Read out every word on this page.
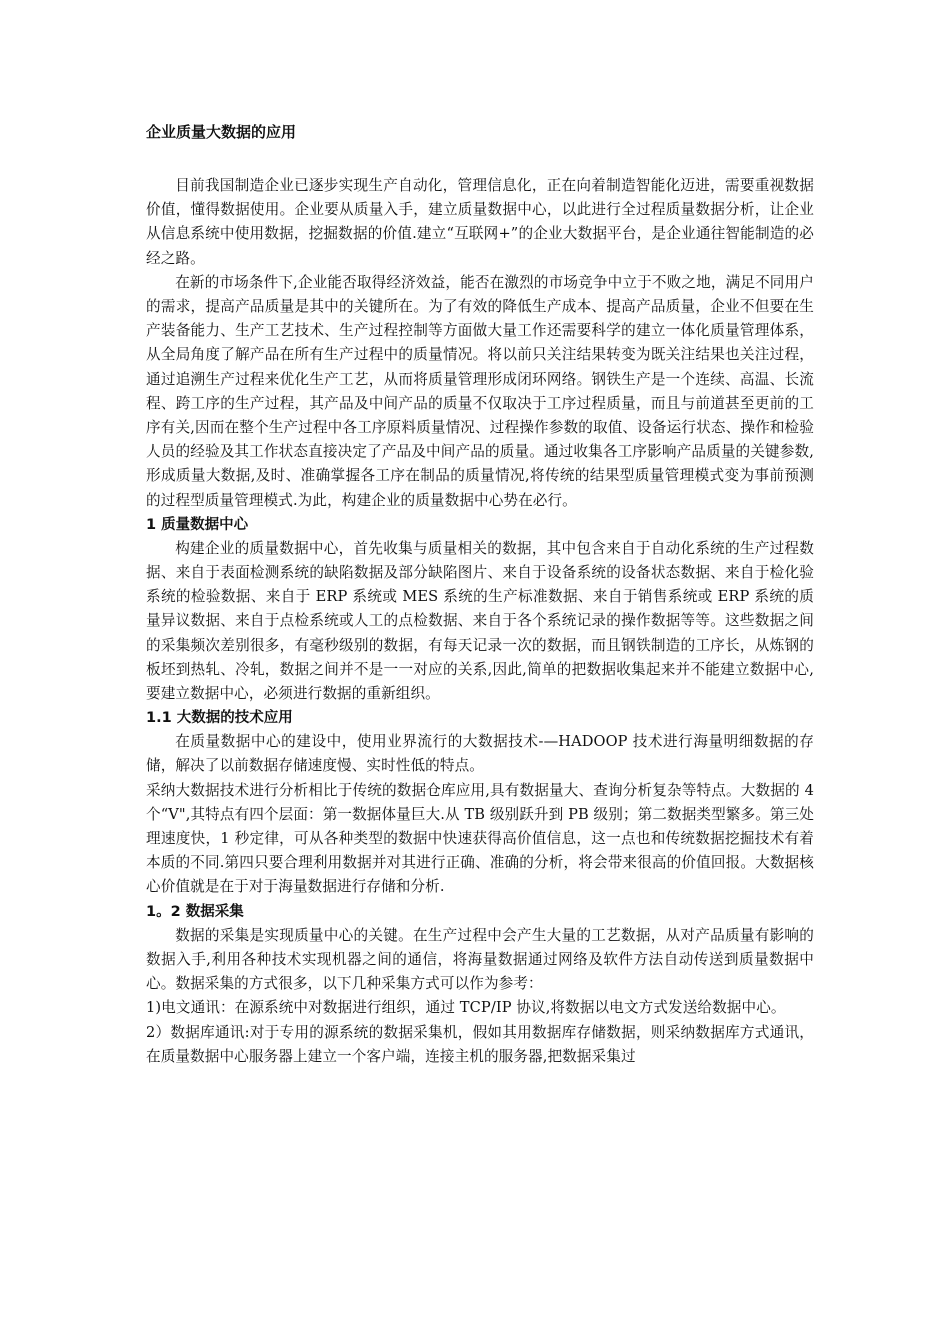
企业质量大数据的应用

目前我国制造企业已逐步实现生产自动化，管理信息化，正在向着制造智能化迈进，需要重视数据价值，懂得数据使用。企业要从质量入手，建立质量数据中心，以此进行全过程质量数据分析，让企业从信息系统中使用数据，挖掘数据的价值.建立“互联网+”的企业大数据平台，是企业通往智能制造的必经之路。

在新的市场条件下,企业能否取得经济效益，能否在激烈的市场竞争中立于不败之地，满足不同用户的需求，提高产品质量是其中的关键所在。为了有效的降低生产成本、提高产品质量，企业不但要在生产装备能力、生产工艺技术、生产过程控制等方面做大量工作还需要科学的建立一体化质量管理体系，从全局角度了解产品在所有生产过程中的质量情况。将以前只关注结果转变为既关注结果也关注过程，通过追溯生产过程来优化生产工艺，从而将质量管理形成闭环网络。钢铁生产是一个连续、高温、长流程、跨工序的生产过程，其产品及中间产品的质量不仅取决于工序过程质量，而且与前道甚至更前的工序有关,因而在整个生产过程中各工序原料质量情况、过程操作参数的取值、设备运行状态、操作和检验人员的经验及其工作状态直接决定了产品及中间产品的质量。通过收集各工序影响产品质量的关键参数,形成质量大数据,及时、准确掌握各工序在制品的质量情况,将传统的结果型质量管理模式变为事前预测的过程型质量管理模式.为此，构建企业的质量数据中心势在必行。

1 质量数据中心

构建企业的质量数据中心，首先收集与质量相关的数据，其中包含来自于自动化系统的生产过程数据、来自于表面检测系统的缺陷数据及部分缺陷图片、来自于设备系统的设备状态数据、来自于检化验系统的检验数据、来自于 ERP 系统或 MES 系统的生产标准数据、来自于销售系统或 ERP 系统的质量异议数据、来自于点检系统或人工的点检数据、来自于各个系统记录的操作数据等等。这些数据之间的采集频次差别很多，有毫秒级别的数据，有每天记录一次的数据，而且钢铁制造的工序长，从炼钢的板坯到热轧、冷轧，数据之间并不是一一对应的关系,因此,简单的把数据收集起来并不能建立数据中心,要建立数据中心，必须进行数据的重新组织。

1.1 大数据的技术应用

在质量数据中心的建设中，使用业界流行的大数据技术-—HADOOP 技术进行海量明细数据的存储，解决了以前数据存储速度慢、实时性低的特点。

采纳大数据技术进行分析相比于传统的数据仓库应用,具有数据量大、查询分析复杂等特点。大数据的 4 个“V",其特点有四个层面：第一数据体量巨大.从 TB 级别跃升到 PB 级别；第二数据类型繁多。第三处理速度快，1 秒定律，可从各种类型的数据中快速获得高价值信息，这一点也和传统数据挖掘技术有着本质的不同.第四只要合理利用数据并对其进行正确、准确的分析，将会带来很高的价值回报。大数据核心价值就是在于对于海量数据进行存储和分析.

1。2 数据采集

数据的采集是实现质量中心的关键。在生产过程中会产生大量的工艺数据，从对产品质量有影响的数据入手,利用各种技术实现机器之间的通信，将海量数据通过网络及软件方法自动传送到质量数据中心。数据采集的方式很多，以下几种采集方式可以作为参考：

1)电文通讯：在源系统中对数据进行组织，通过 TCP/IP 协议,将数据以电文方式发送给数据中心。

2）数据库通讯:对于专用的源系统的数据采集机，假如其用数据库存储数据，则采纳数据库方式通讯，在质量数据中心服务器上建立一个客户端，连接主机的服务器,把数据采集过
